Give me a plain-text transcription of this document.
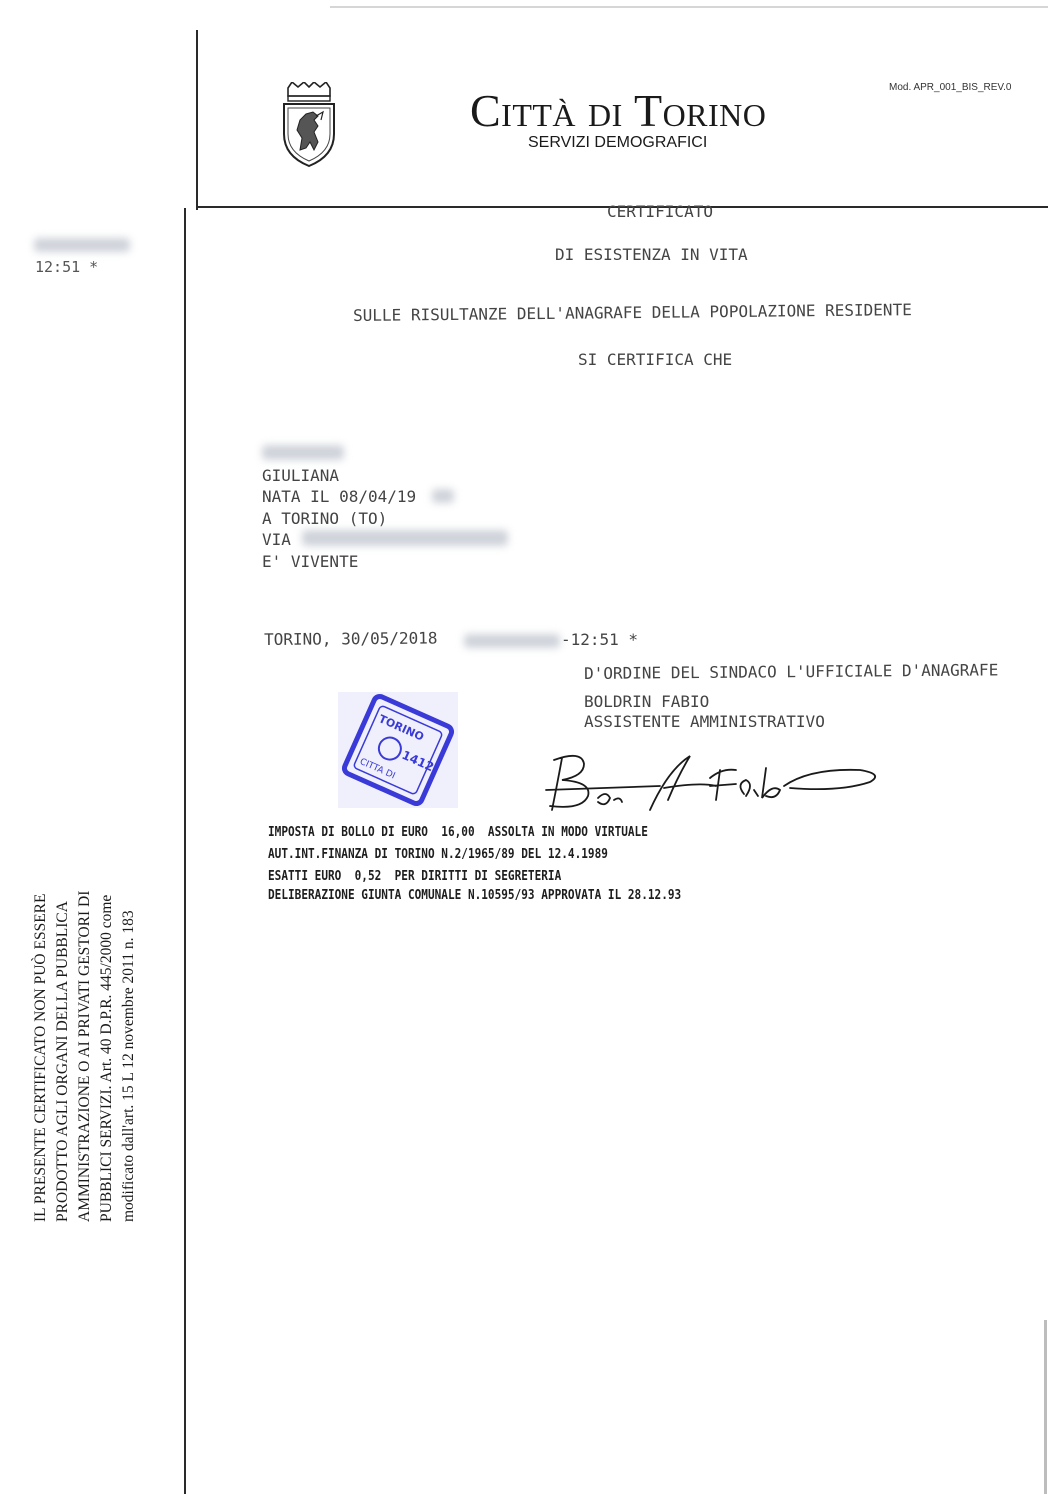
Città di Torino
SERVIZI DEMOGRAFICI
Mod. APR_001_BIS_REV.0
CERTIFICATO
DI ESISTENZA IN VITA
SULLE RISULTANZE DELL'ANAGRAFE DELLA POPOLAZIONE RESIDENTE
SI CERTIFICA CHE
12:51 *
GIULIANA
NATA IL 08/04/19
A TORINO (TO)
VIA
E' VIVENTE
TORINO, 30/05/2018	-12:51 *
D'ORDINE DEL SINDACO L'UFFICIALE D'ANAGRAFE
BOLDRIN FABIO
ASSISTENTE AMMINISTRATIVO
TORINO
CITTA DI 1412
IMPOSTA DI BOLLO DI EURO  16,00  ASSOLTA IN MODO VIRTUALE
AUT.INT.FINANZA DI TORINO N.2/1965/89 DEL 12.4.1989
ESATTI EURO  0,52  PER DIRITTI DI SEGRETERIA
DELIBERAZIONE GIUNTA COMUNALE N.10595/93 APPROVATA IL 28.12.93
IL PRESENTE CERTIFICATO NON PUÒ ESSERE PRODOTTO AGLI ORGANI DELLA PUBBLICA AMMINISTRAZIONE O AI PRIVATI GESTORI DI PUBBLICI SERVIZI. Art. 40 D.P.R. 445/2000 come modificato dall'art. 15 L 12 novembre 2011 n. 183
